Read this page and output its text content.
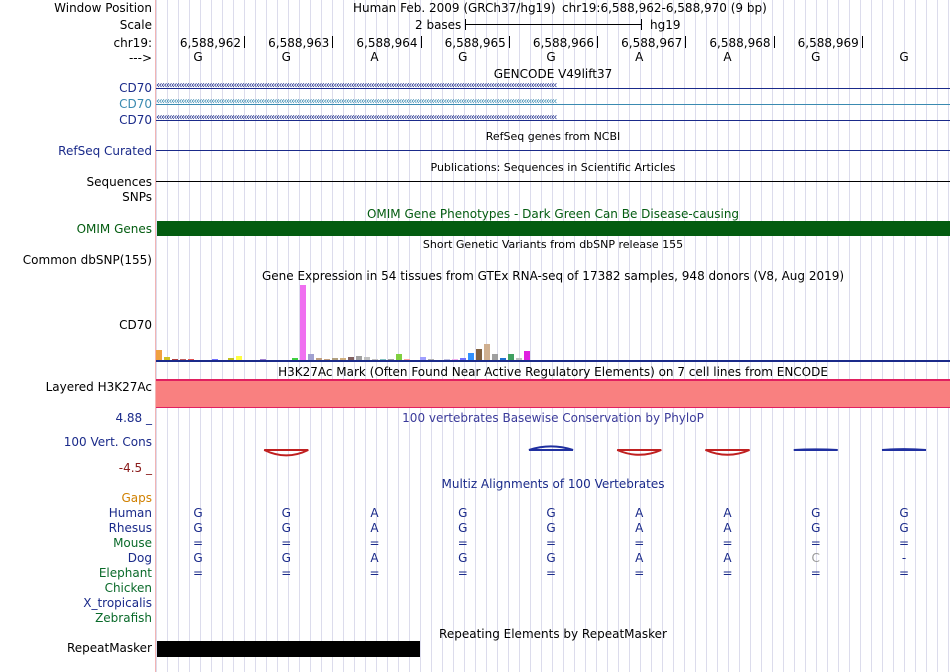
Window Position	Human Feb. 2009 (GRCh37/hg19) chr19:6,588,962-6,588,970 (9 bp)
Scale	2 bases	hg19
chr19: 6,588,962 6,588,963 6,588,964 6,588,965 6,588,966 6,588,967 6,588,968 6,588,969
--->	G	G	A	G	G	A	A	G	G
GENCODE V49lift37
CD70 ‹‹‹‹‹‹‹‹‹‹‹‹‹‹‹‹‹‹‹‹‹‹‹‹‹‹‹‹‹‹‹‹‹‹‹‹‹‹‹‹‹‹‹‹‹‹‹‹‹‹‹‹‹‹‹‹‹‹‹‹‹‹‹‹‹‹‹‹‹‹‹‹‹‹‹‹‹‹‹‹‹‹‹‹‹‹‹‹‹‹‹‹‹‹‹‹‹‹‹‹‹‹‹‹‹‹‹‹‹‹‹‹‹‹‹‹‹‹‹‹‹‹‹‹‹‹‹‹‹‹‹‹‹‹‹‹‹‹‹‹‹‹‹‹‹‹‹‹‹‹‹‹‹‹‹‹‹‹‹‹
CD70 ‹‹‹‹‹‹‹‹‹‹‹‹‹‹‹‹‹‹‹‹‹‹‹‹‹‹‹‹‹‹‹‹‹‹‹‹‹‹‹‹‹‹‹‹‹‹‹‹‹‹‹‹‹‹‹‹‹‹‹‹‹‹‹‹‹‹‹‹‹‹‹‹‹‹‹‹‹‹‹‹‹‹‹‹‹‹‹‹‹‹‹‹‹‹‹‹‹‹‹‹‹‹‹‹‹‹‹‹‹‹‹‹‹‹‹‹‹‹‹‹‹‹‹‹‹‹‹‹‹‹‹‹‹‹‹‹‹‹‹‹‹‹‹‹‹‹‹‹‹‹‹‹‹‹‹‹‹‹‹‹
CD70 ‹‹‹‹‹‹‹‹‹‹‹‹‹‹‹‹‹‹‹‹‹‹‹‹‹‹‹‹‹‹‹‹‹‹‹‹‹‹‹‹‹‹‹‹‹‹‹‹‹‹‹‹‹‹‹‹‹‹‹‹‹‹‹‹‹‹‹‹‹‹‹‹‹‹‹‹‹‹‹‹‹‹‹‹‹‹‹‹‹‹‹‹‹‹‹‹‹‹‹‹‹‹‹‹‹‹‹‹‹‹‹‹‹‹‹‹‹‹‹‹‹‹‹‹‹‹‹‹‹‹‹‹‹‹‹‹‹‹‹‹‹‹‹‹‹‹‹‹‹‹‹‹‹‹‹‹‹‹‹‹
RefSeq genes from NCBI
RefSeq Curated
Publications: Sequences in Scientific Articles
Sequences
SNPs
OMIM Gene Phenotypes - Dark Green Can Be Disease-causing
OMIM Genes
Short Genetic Variants from dbSNP release 155
Common dbSNP(155)
Gene Expression in 54 tissues from GTEx RNA-seq of 17382 samples, 948 donors (V8, Aug 2019)
CD70
H3K27Ac Mark (Often Found Near Active Regulatory Elements) on 7 cell lines from ENCODE
Layered H3K27Ac
100 vertebrates Basewise Conservation by PhyloP
4.88 _
100 Vert. Cons
-4.5 _
Multiz Alignments of 100 Vertebrates
Gaps
Human	G	G	A	G	G	A	A	G	G
Rhesus	G	G	A	G	G	A	A	G	G
Mouse	=	=	=	=	=	=	=	=	=
Dog	G	G	A	G	G	A	A	C	-
Elephant	=	=	=	=	=	=	=	=	=
Chicken
X_tropicalis
Zebrafish
Repeating Elements by RepeatMasker
RepeatMasker
